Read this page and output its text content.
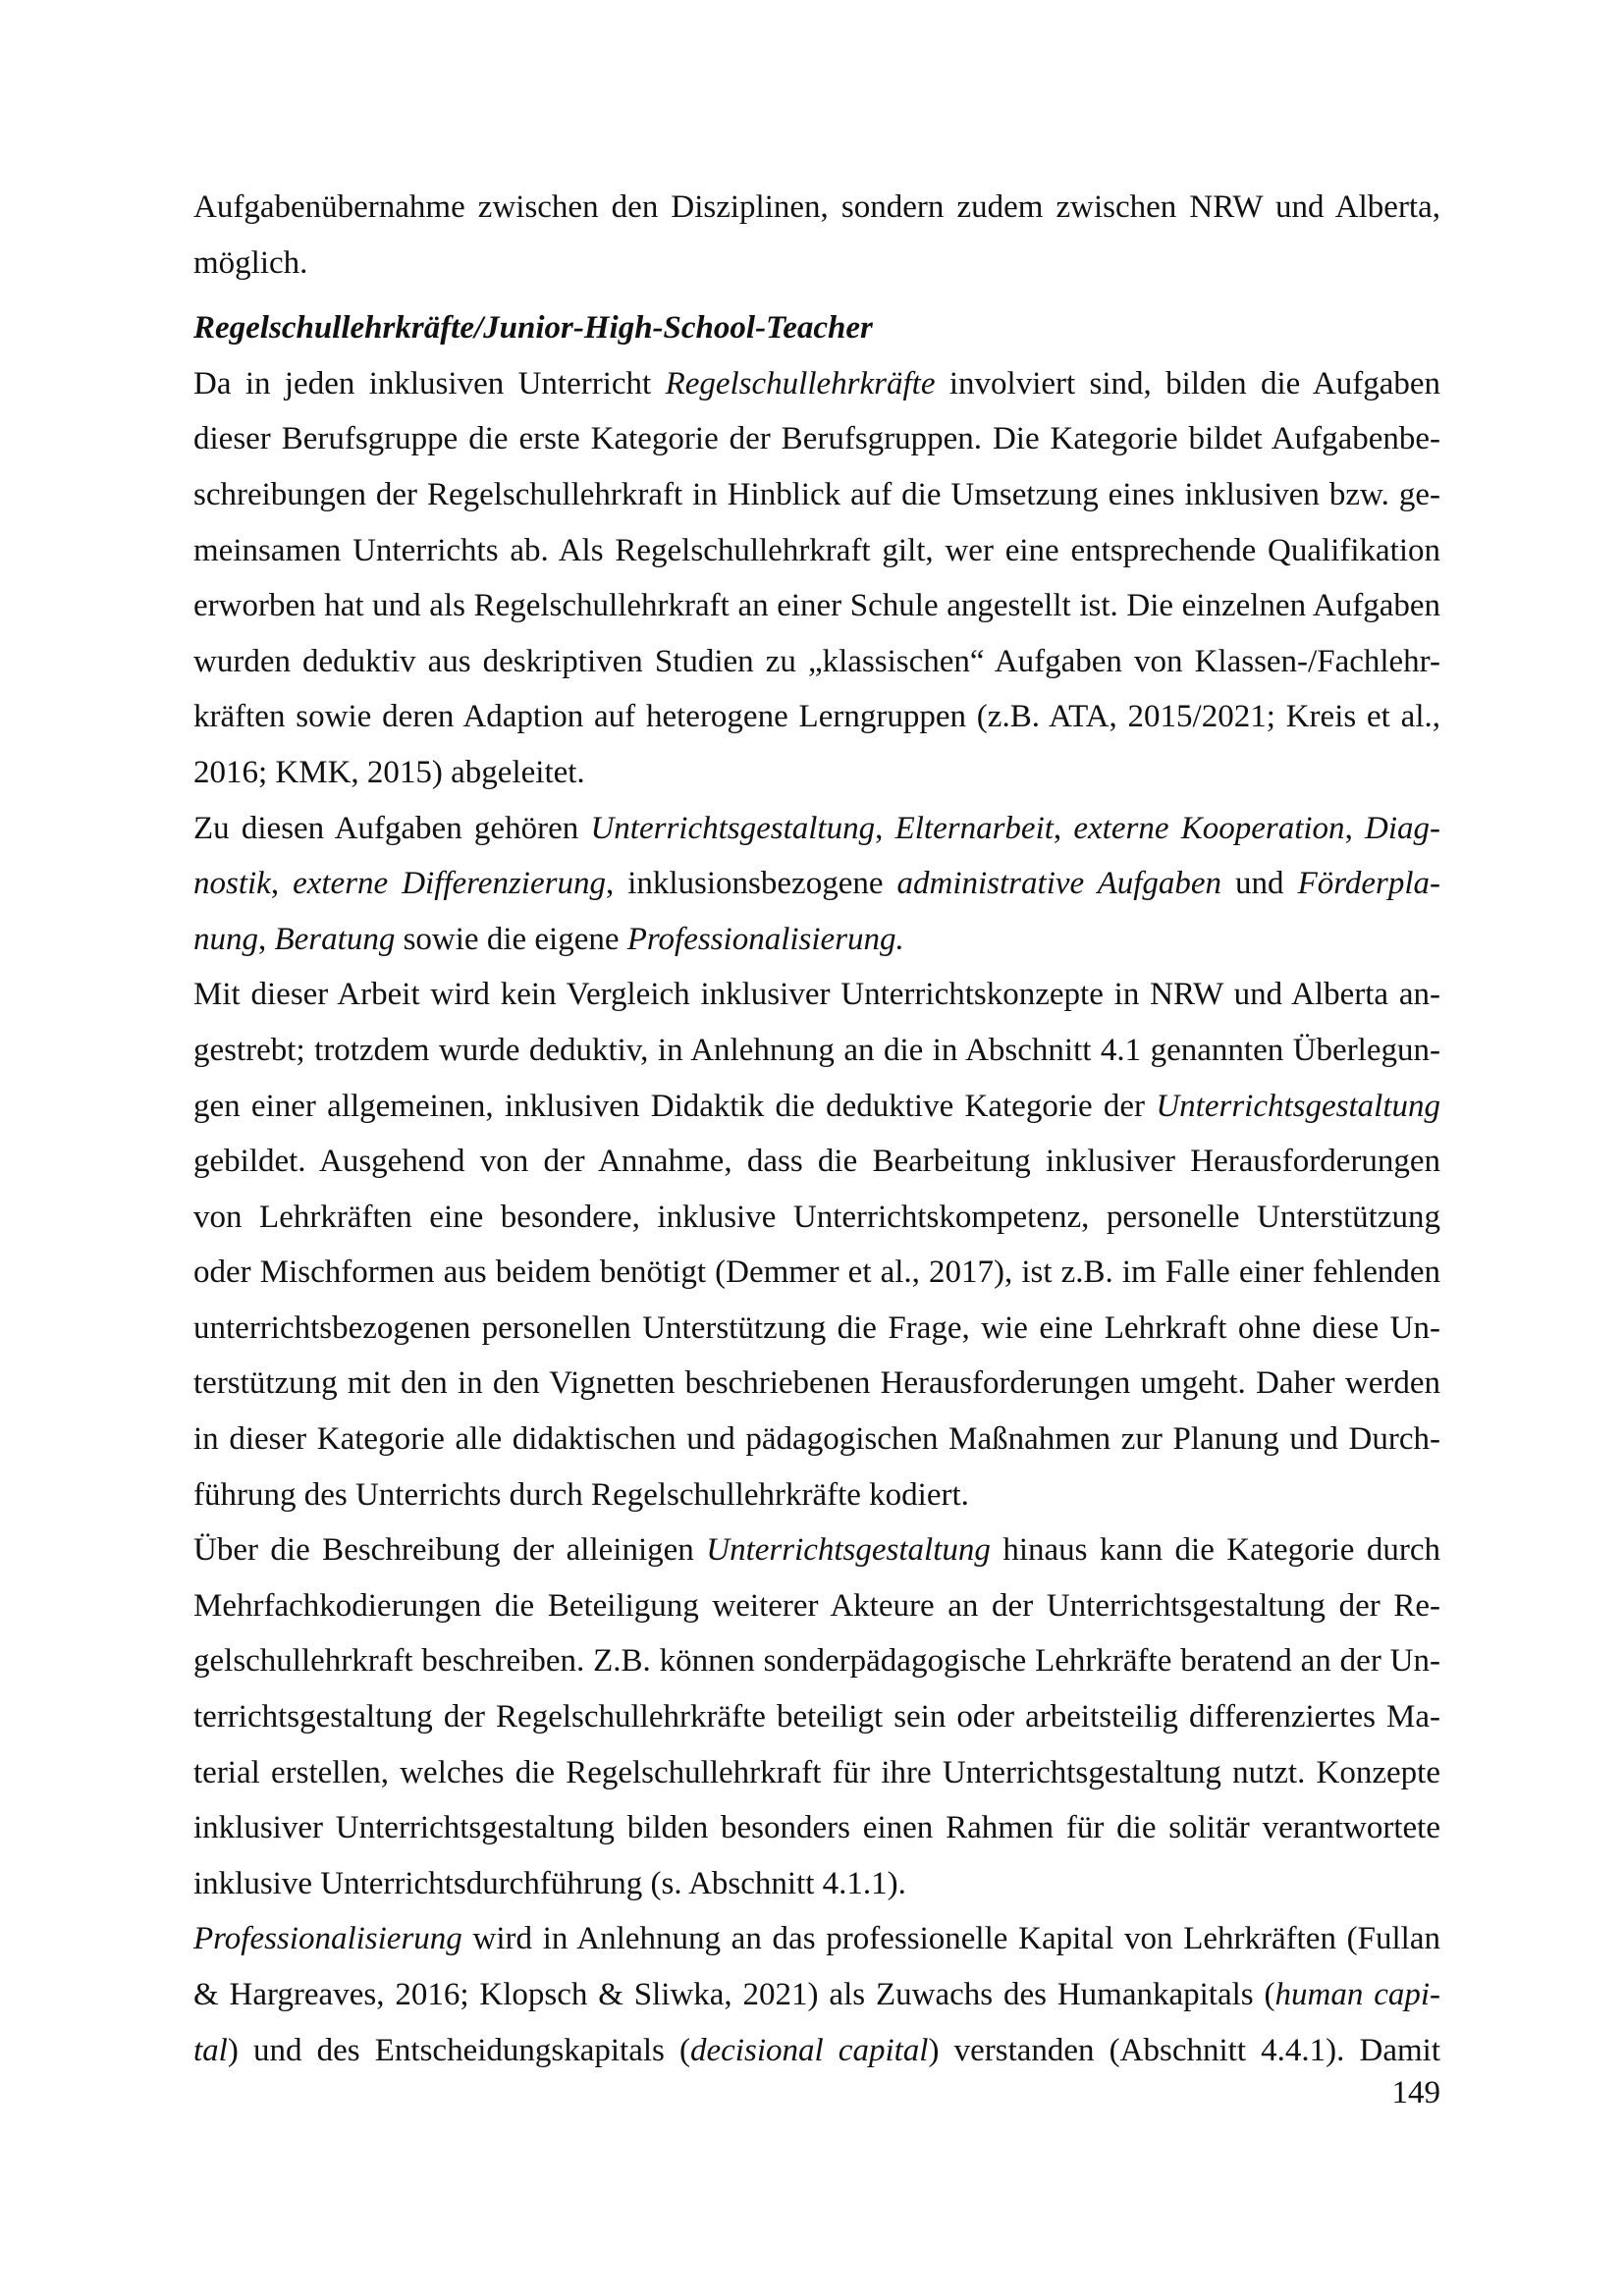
Aufgabenübernahme zwischen den Disziplinen, sondern zudem zwischen NRW und Alberta,
möglich.
Regelschullehrkräfte/Junior-High-School-Teacher
Da in jeden inklusiven Unterricht Regelschullehrkräfte involviert sind, bilden die Aufgaben
dieser Berufsgruppe die erste Kategorie der Berufsgruppen. Die Kategorie bildet Aufgabenbe-
schreibungen der Regelschullehrkraft in Hinblick auf die Umsetzung eines inklusiven bzw. ge-
meinsamen Unterrichts ab. Als Regelschullehrkraft gilt, wer eine entsprechende Qualifikation
erworben hat und als Regelschullehrkraft an einer Schule angestellt ist. Die einzelnen Aufgaben
wurden deduktiv aus deskriptiven Studien zu „klassischen“ Aufgaben von Klassen-/Fachlehr-
kräften sowie deren Adaption auf heterogene Lerngruppen (z.B. ATA, 2015/2021; Kreis et al.,
2016; KMK, 2015) abgeleitet.
Zu diesen Aufgaben gehören Unterrichtsgestaltung, Elternarbeit, externe Kooperation, Diag-
nostik, externe Differenzierung, inklusionsbezogene administrative Aufgaben und Förderpla-
nung, Beratung sowie die eigene Professionalisierung.
Mit dieser Arbeit wird kein Vergleich inklusiver Unterrichtskonzepte in NRW und Alberta an-
gestrebt; trotzdem wurde deduktiv, in Anlehnung an die in Abschnitt 4.1 genannten Überlegun-
gen einer allgemeinen, inklusiven Didaktik die deduktive Kategorie der Unterrichtsgestaltung
gebildet. Ausgehend von der Annahme, dass die Bearbeitung inklusiver Herausforderungen
von Lehrkräften eine besondere, inklusive Unterrichtskompetenz, personelle Unterstützung
oder Mischformen aus beidem benötigt (Demmer et al., 2017), ist z.B. im Falle einer fehlenden
unterrichtsbezogenen personellen Unterstützung die Frage, wie eine Lehrkraft ohne diese Un-
terstützung mit den in den Vignetten beschriebenen Herausforderungen umgeht. Daher werden
in dieser Kategorie alle didaktischen und pädagogischen Maßnahmen zur Planung und Durch-
führung des Unterrichts durch Regelschullehrkräfte kodiert.
Über die Beschreibung der alleinigen Unterrichtsgestaltung hinaus kann die Kategorie durch
Mehrfachkodierungen die Beteiligung weiterer Akteure an der Unterrichtsgestaltung der Re-
gelschullehrkraft beschreiben. Z.B. können sonderpädagogische Lehrkräfte beratend an der Un-
terrichtsgestaltung der Regelschullehrkräfte beteiligt sein oder arbeitsteilig differenziertes Ma-
terial erstellen, welches die Regelschullehrkraft für ihre Unterrichtsgestaltung nutzt. Konzepte
inklusiver Unterrichtsgestaltung bilden besonders einen Rahmen für die solitär verantwortete
inklusive Unterrichtsdurchführung (s. Abschnitt 4.1.1).
Professionalisierung wird in Anlehnung an das professionelle Kapital von Lehrkräften (Fullan
& Hargreaves, 2016; Klopsch & Sliwka, 2021) als Zuwachs des Humankapitals (human capi-
tal) und des Entscheidungskapitals (decisional capital) verstanden (Abschnitt 4.4.1). Damit
149
